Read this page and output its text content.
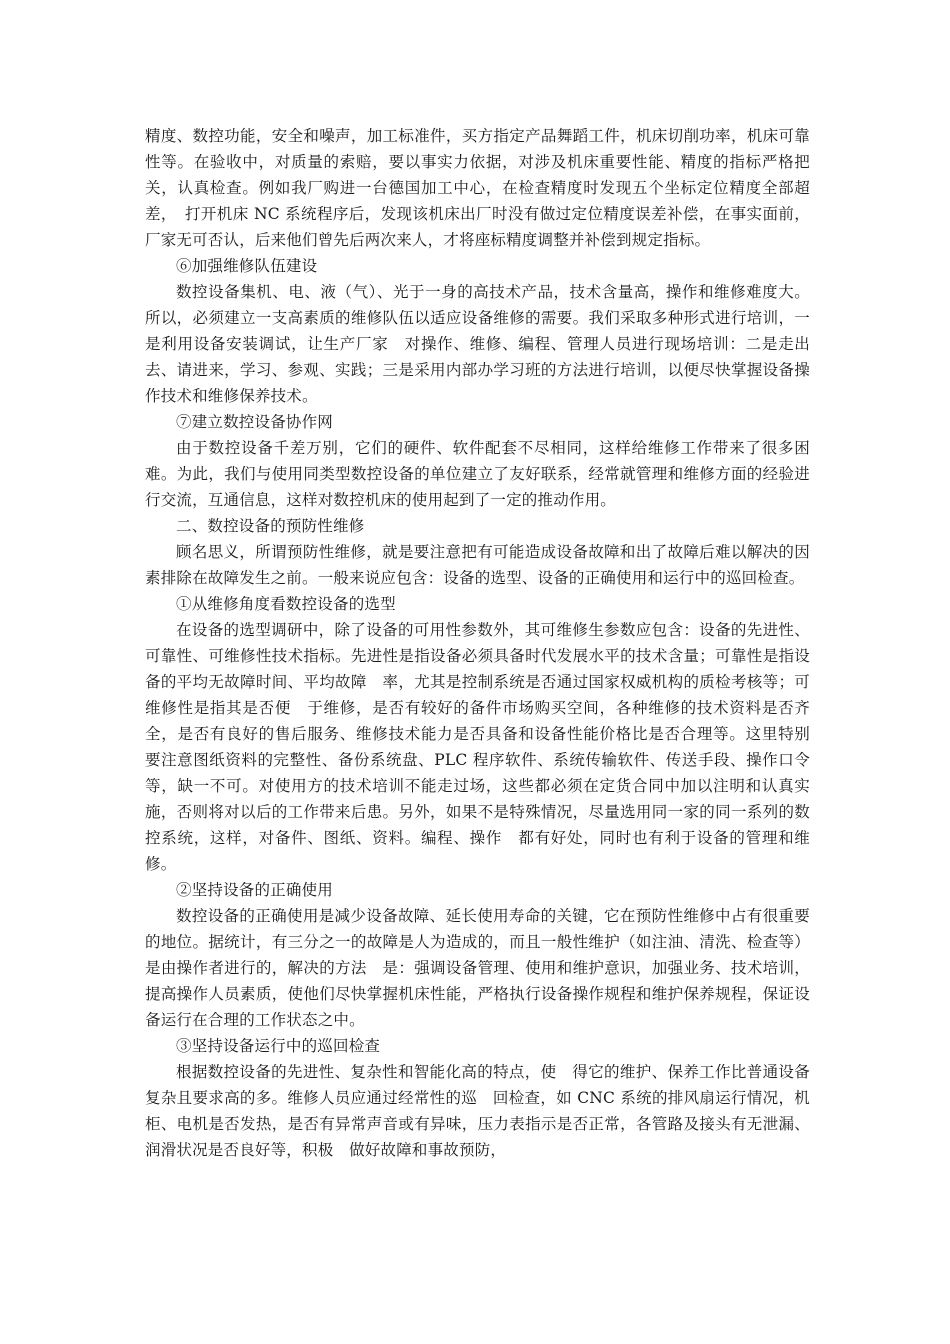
精度、数控功能，安全和噪声，加工标准件，买方指定产品舞蹈工件，机床切削功率，机床可靠性等。在验收中，对质量的索赔，要以事实力依据，对涉及机床重要性能、精度的指标严格把关，认真检查。例如我厂购进一台德国加工中心，在检查精度时发现五个坐标定位精度全部超差，　打开机床 NC 系统程序后，发现该机床出厂时没有做过定位精度误差补偿，在事实面前，厂家无可否认，后来他们曾先后两次来人，才将座标精度调整并补偿到规定指标。

⑥加强维修队伍建设

数控设备集机、电、液（气）、光于一身的高技术产品，技术含量高，操作和维修难度大。所以，必须建立一支高素质的维修队伍以适应设备维修的需要。我们采取多种形式进行培训，一是利用设备安装调试，让生产厂家　对操作、维修、编程、管理人员进行现场培训：二是走出去、请进来，学习、参观、实践；三是采用内部办学习班的方法进行培训，以便尽快掌握设备操作技术和维修保养技术。

⑦建立数控设备协作网

由于数控设备千差万别，它们的硬件、软件配套不尽相同，这样给维修工作带来了很多困难。为此，我们与使用同类型数控设备的单位建立了友好联系，经常就管理和维修方面的经验进行交流，互通信息，这样对数控机床的使用起到了一定的推动作用。

二、数控设备的预防性维修

顾名思义，所谓预防性维修，就是要注意把有可能造成设备故障和出了故障后难以解决的因素排除在故障发生之前。一般来说应包含：设备的选型、设备的正确使用和运行中的巡回检查。

①从维修角度看数控设备的选型

在设备的选型调研中，除了设备的可用性参数外，其可维修生参数应包含：设备的先进性、可靠性、可维修性技术指标。先进性是指设备必须具备时代发展水平的技术含量；可靠性是指设备的平均无故障时间、平均故障　率，尤其是控制系统是否通过国家权威机构的质检考核等；可维修性是指其是否便　于维修，是否有较好的备件市场购买空间，各种维修的技术资料是否齐全，是否有良好的售后服务、维修技术能力是否具备和设备性能价格比是否合理等。这里特别　要注意图纸资料的完整性、备份系统盘、PLC 程序软件、系统传输软件、传送手段、操作口令等，缺一不可。对使用方的技术培训不能走过场，这些都必须在定货合同中加以注明和认真实施，否则将对以后的工作带来后患。另外，如果不是特殊情况，尽量选用同一家的同一系列的数控系统，这样，对备件、图纸、资料。编程、操作　都有好处，同时也有利于设备的管理和维修。

②坚持设备的正确使用

数控设备的正确使用是减少设备故障、延长使用寿命的关键，它在预防性维修中占有很重要的地位。据统计，有三分之一的故障是人为造成的，而且一般性维护（如注油、清洗、检查等）是由操作者进行的，解决的方法　是：强调设备管理、使用和维护意识，加强业务、技术培训，提高操作人员素质，使他们尽快掌握机床性能，严格执行设备操作规程和维护保养规程，保证设备运行在合理的工作状态之中。

③坚持设备运行中的巡回检查

根据数控设备的先进性、复杂性和智能化高的特点，使　得它的维护、保养工作比普通设备复杂且要求高的多。维修人员应通过经常性的巡　回检查，如 CNC 系统的排风扇运行情况，机柜、电机是否发热，是否有异常声音或有异味，压力表指示是否正常，各管路及接头有无泄漏、润滑状况是否良好等，积极　做好故障和事故预防，
